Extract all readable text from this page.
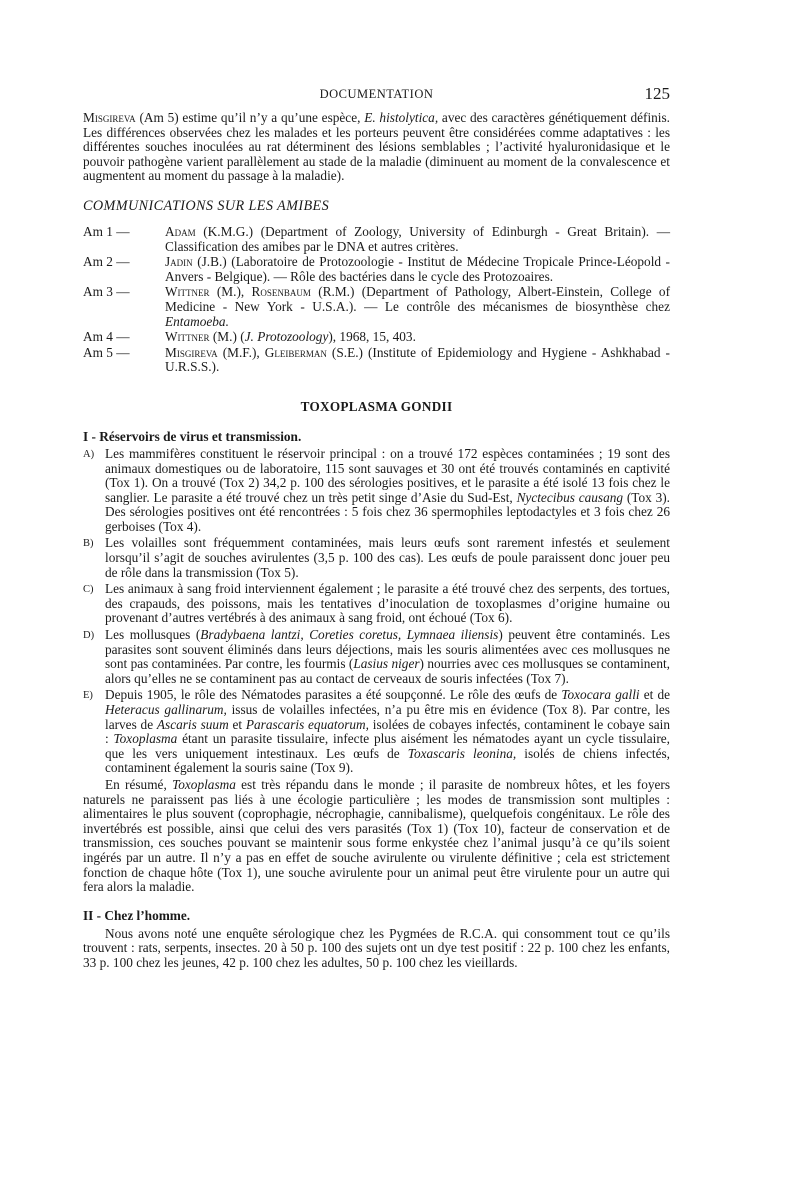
DOCUMENTATION	125

Misgireva (Am 5) estime qu’il n’y a qu’une espèce, E. histolytica, avec des caractères génétiquement définis. Les différences observées chez les malades et les porteurs peuvent être considérées comme adaptatives : les différentes souches inoculées au rat déterminent des lésions semblables ; l’activité hyaluronidasique et le pouvoir pathogène varient parallèlement au stade de la maladie (diminuent au moment de la convalescence et augmentent au moment du passage à la maladie).

COMMUNICATIONS SUR LES AMIBES
Am 1 —	Adam (K.M.G.) (Department of Zoology, University of Edinburgh - Great Britain). — Classification des amibes par le DNA et autres critères.
Am 2 —	Jadin (J.B.) (Laboratoire de Protozoologie - Institut de Médecine Tropicale Prince-Léopold - Anvers - Belgique). — Rôle des bactéries dans le cycle des Protozoaires.
Am 3 —	Wittner (M.), Rosenbaum (R.M.) (Department of Pathology, Albert-Einstein, College of Medicine - New York - U.S.A.). — Le contrôle des mécanismes de biosynthèse chez Entamoeba.
Am 4 —	Wittner (M.) (J. Protozoology), 1968, 15, 403.
Am 5 —	Misgireva (M.F.), Gleiberman (S.E.) (Institute of Epidemiology and Hygiene - Ashkhabad - U.R.S.S.).
TOXOPLASMA GONDII
I - Réservoirs de virus et transmission.
A) Les mammifères constituent le réservoir principal : on a trouvé 172 espèces contaminées ; 19 sont des animaux domestiques ou de laboratoire, 115 sont sauvages et 30 ont été trouvés contaminés en captivité (Tox 1). On a trouvé (Tox 2) 34,2 p. 100 des sérologies positives, et le parasite a été isolé 13 fois chez le sanglier. Le parasite a été trouvé chez un très petit singe d’Asie du Sud-Est, Nyctecibus causang (Tox 3). Des sérologies positives ont été rencontrées : 5 fois chez 36 spermophiles leptodactyles et 3 fois chez 26 gerboises (Tox 4).
B) Les volailles sont fréquemment contaminées, mais leurs œufs sont rarement infestés et seulement lorsqu’il s’agit de souches avirulentes (3,5 p. 100 des cas). Les œufs de poule paraissent donc jouer peu de rôle dans la transmission (Tox 5).
C) Les animaux à sang froid interviennent également ; le parasite a été trouvé chez des serpents, des tortues, des crapauds, des poissons, mais les tentatives d’inoculation de toxoplasmes d’origine humaine ou provenant d’autres vertébrés à des animaux à sang froid, ont échoué (Tox 6).
D) Les mollusques (Bradybaena lantzi, Coreties coretus, Lymnaea iliensis) peuvent être contaminés. Les parasites sont souvent éliminés dans leurs déjections, mais les souris alimentées avec ces mollusques ne sont pas contaminées. Par contre, les fourmis (Lasius niger) nourries avec ces mollusques se contaminent, alors qu’elles ne se contaminent pas au contact de cerveaux de souris infectées (Tox 7).
E) Depuis 1905, le rôle des Nématodes parasites a été soupçonné. Le rôle des œufs de Toxocara galli et de Heteracus gallinarum, issus de volailles infectées, n’a pu être mis en évidence (Tox 8). Par contre, les larves de Ascaris suum et Parascaris equatorum, isolées de cobayes infectés, contaminent le cobaye sain : Toxoplasma étant un parasite tissulaire, infecte plus aisément les nématodes ayant un cycle tissulaire, que les vers uniquement intestinaux. Les œufs de Toxascaris leonina, isolés de chiens infectés, contaminent également la souris saine (Tox 9).

En résumé, Toxoplasma est très répandu dans le monde ; il parasite de nombreux hôtes, et les foyers naturels ne paraissent pas liés à une écologie particulière ; les modes de transmission sont multiples : alimentaires le plus souvent (coprophagie, nécrophagie, cannibalisme), quelquefois congénitaux. Le rôle des invertébrés est possible, ainsi que celui des vers parasités (Tox 1) (Tox 10), facteur de conservation et de transmission, ces souches pouvant se maintenir sous forme enkystée chez l’animal jusqu’à ce qu’ils soient ingérés par un autre. Il n’y a pas en effet de souche avirulente ou virulente définitive ; cela est strictement fonction de chaque hôte (Tox 1), une souche avirulente pour un animal peut être virulente pour un autre qui fera alors la maladie.

II - Chez l’homme.

Nous avons noté une enquête sérologique chez les Pygmées de R.C.A. qui consomment tout ce qu’ils trouvent : rats, serpents, insectes. 20 à 50 p. 100 des sujets ont un dye test positif : 22 p. 100 chez les enfants, 33 p. 100 chez les jeunes, 42 p. 100 chez les adultes, 50 p. 100 chez les vieillards.
